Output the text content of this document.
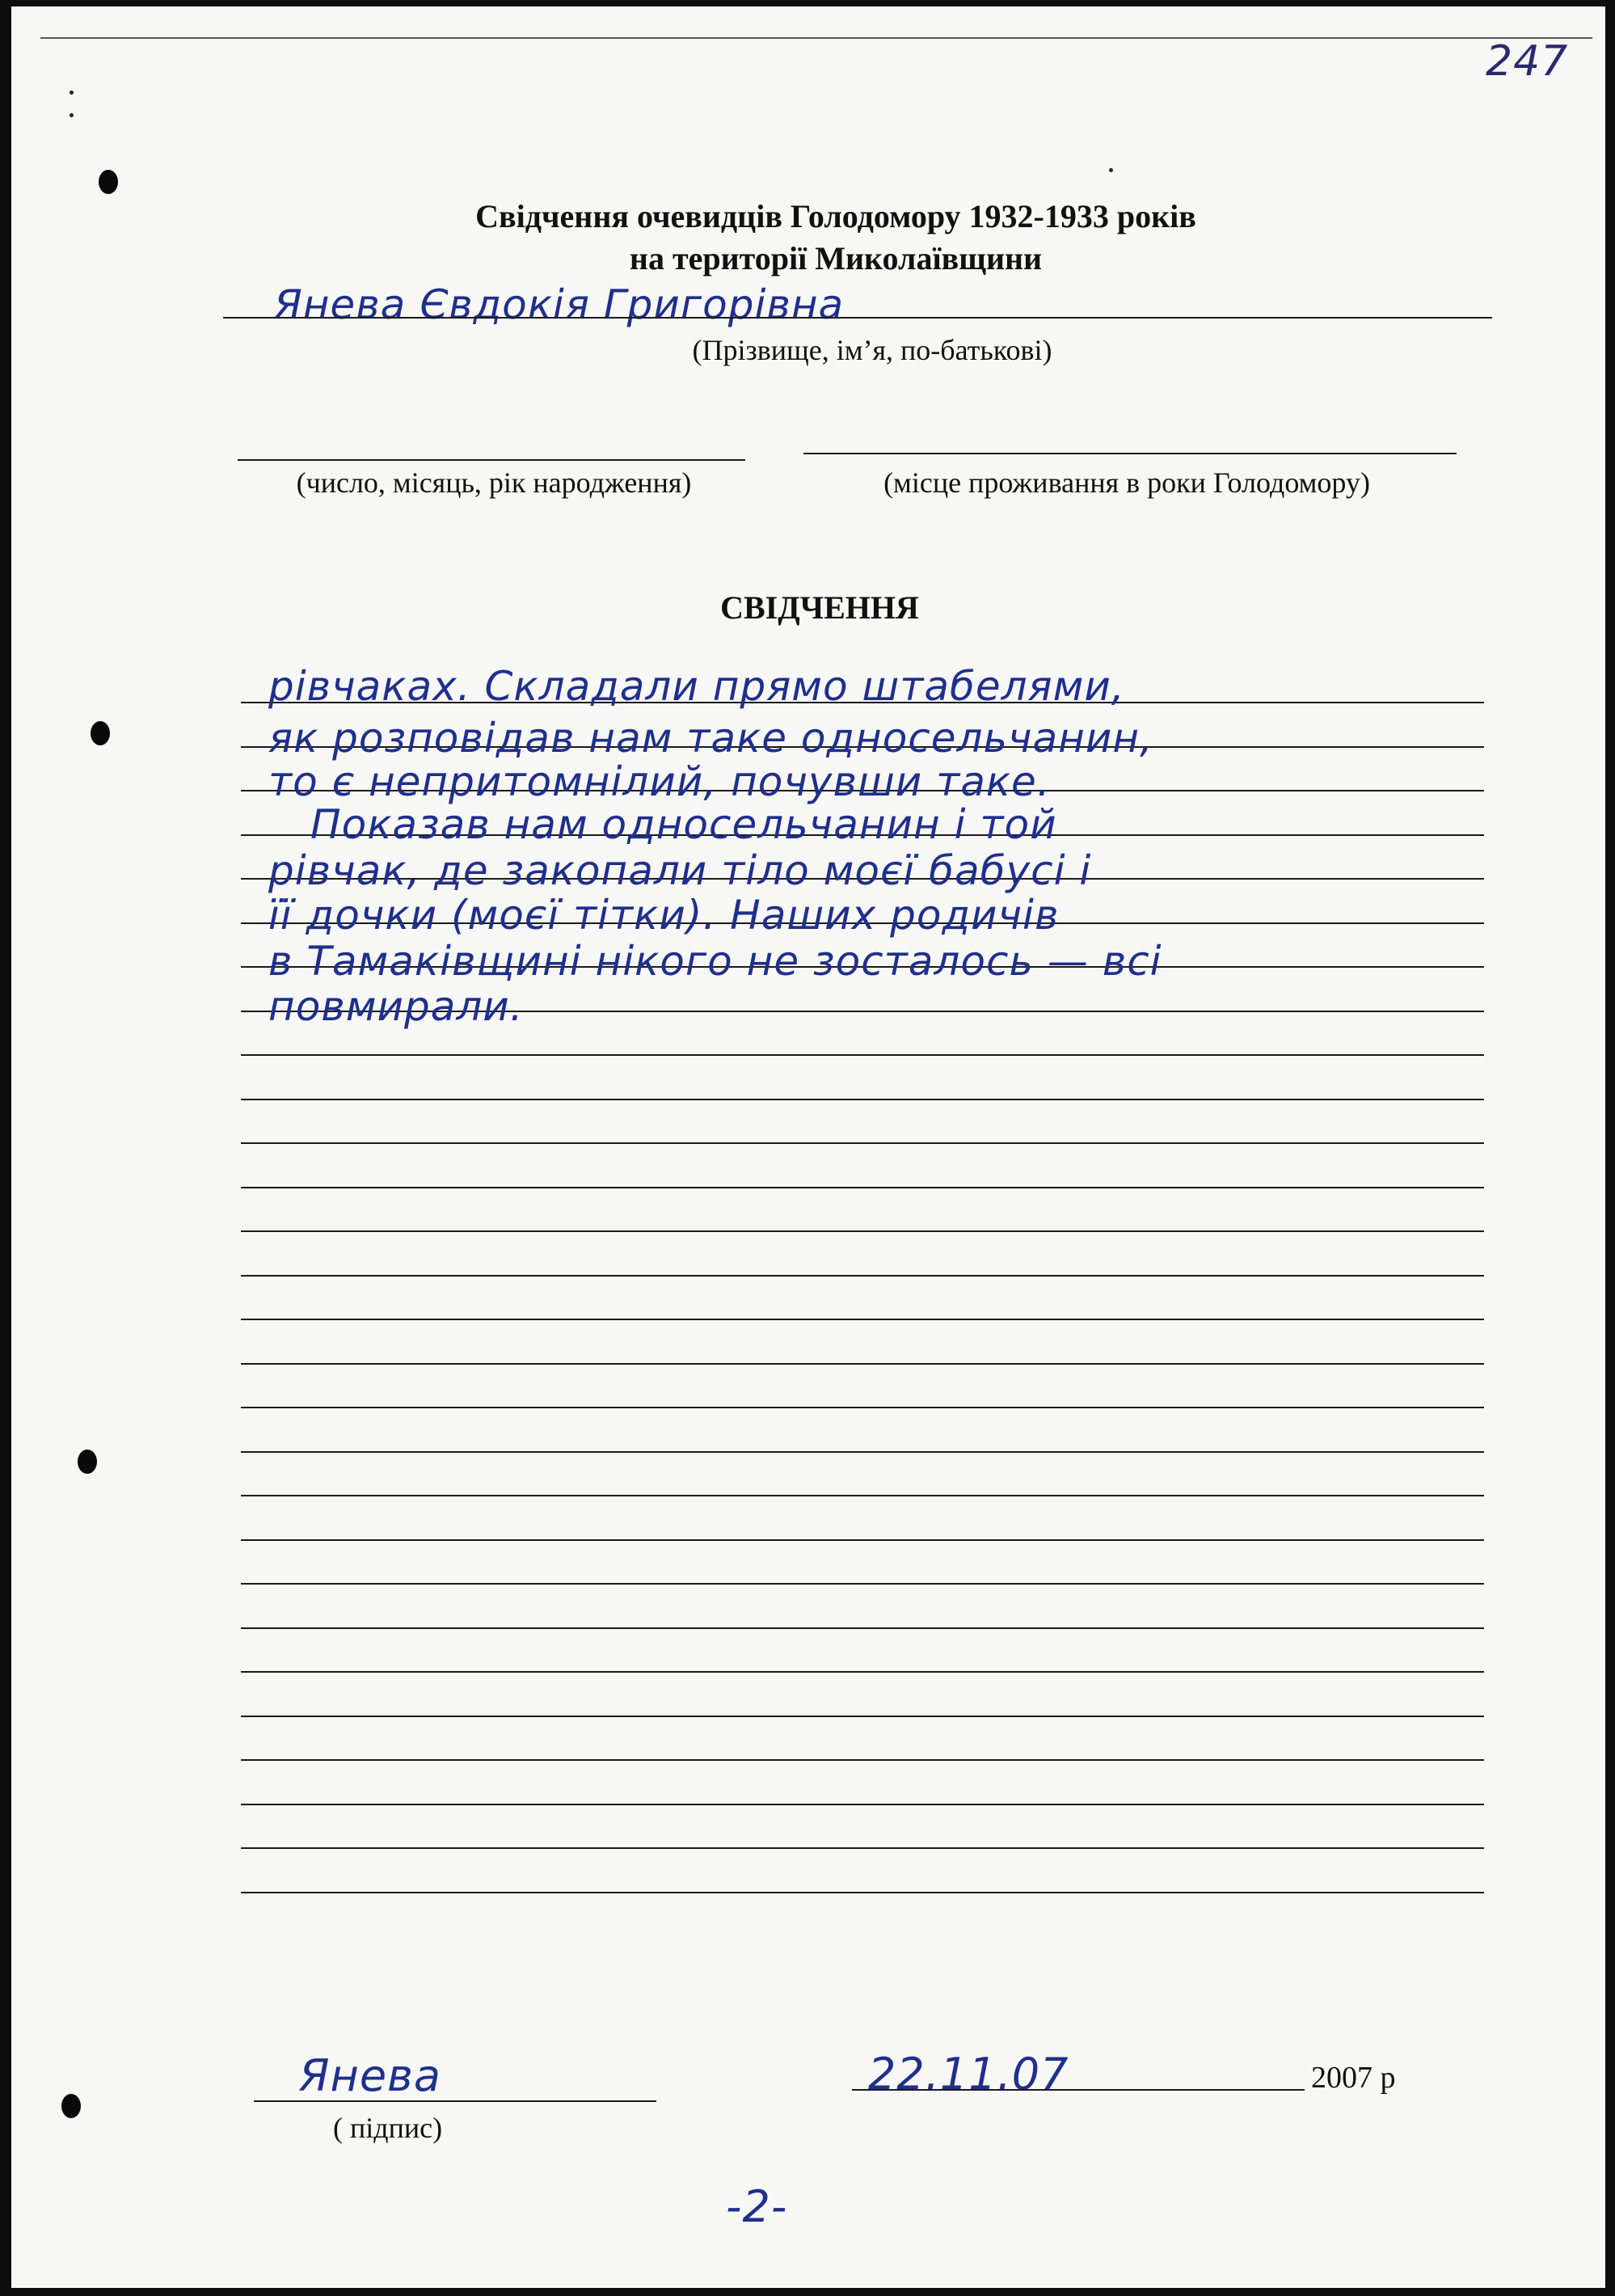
247
Свідчення очевидців Голодомору 1932-1933 років
на території Миколаївщини
Янева Євдокія Григорівна
(Прізвище, ім’я, по-батькові)
(число, місяць, рік народження)	(місце проживання в роки Голодомору)
СВІДЧЕННЯ
рівчаках. Складали прямо штабелями,
як розповідав нам таке односельчанин,
то є непритомнілий, почувши таке.
Показав нам односельчанин і той
рівчак, де закопали тіло моєї бабусі і
її дочки (моєї тітки). Наших родичів
в Тамаківщині нікого не зосталось — всі
повмирали.
Янева
( підпис)
22.11.07	2007 р
-2-
